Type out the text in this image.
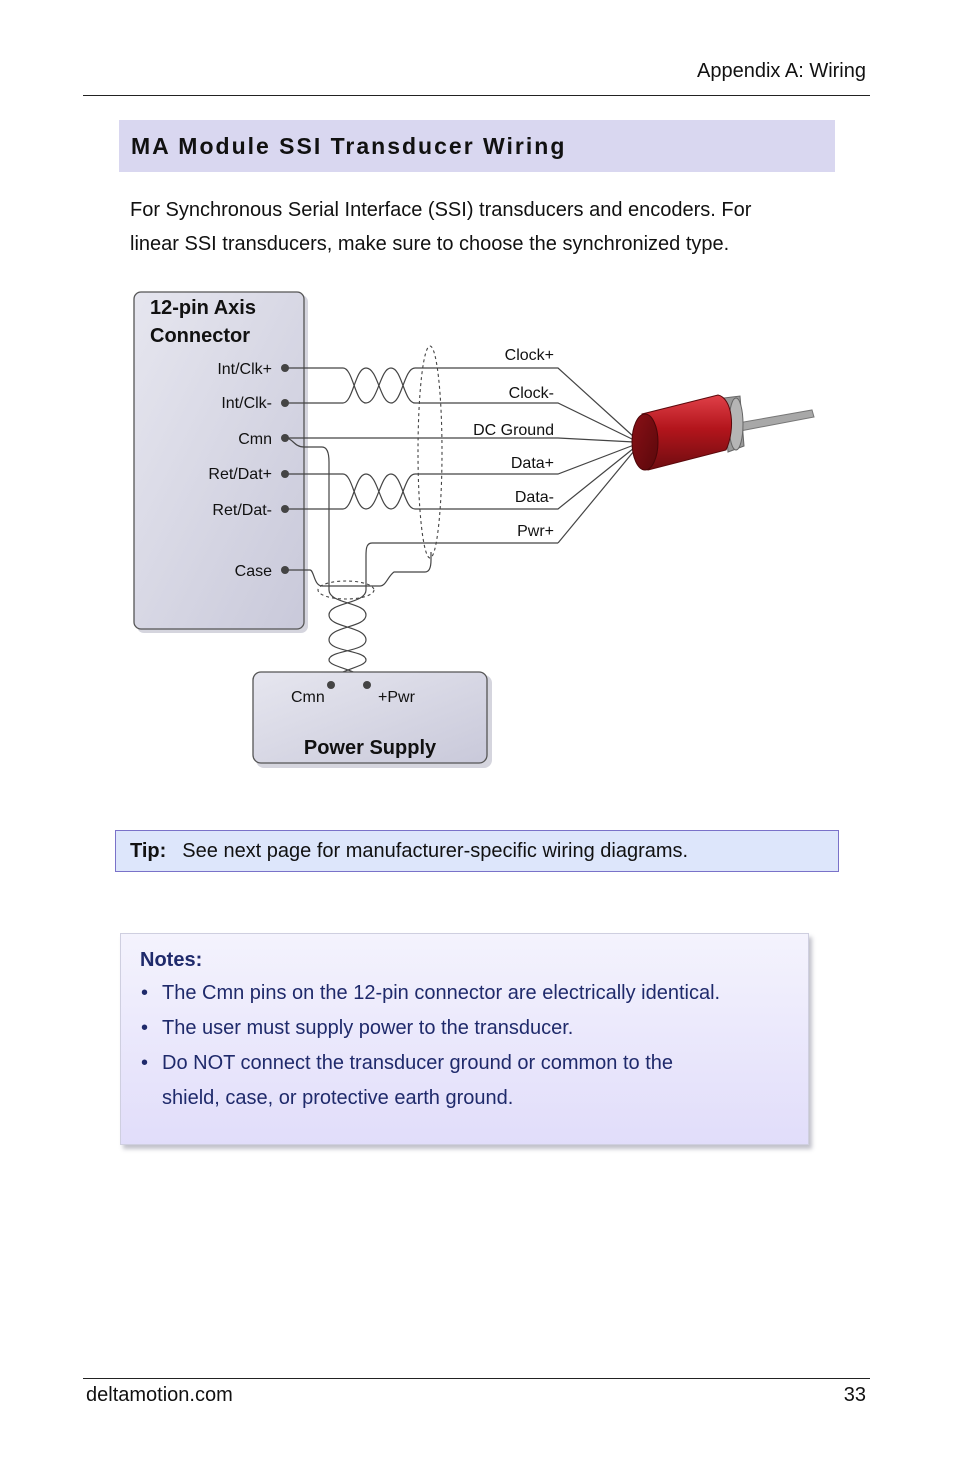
Appendix A: Wiring
MA Module SSI Transducer Wiring
For Synchronous Serial Interface (SSI) transducers and encoders. For
linear SSI transducers, make sure to choose the synchronized type.
12-pin Axis
Connector
Int/Clk+
Int/Clk-
Cmn
Ret/Dat+
Ret/Dat-
Case
Clock+
Clock-
DC Ground
Data+
Data-
Pwr+
Cmn	+Pwr
Power Supply
Tip: See next page for manufacturer-specific wiring diagrams.
Notes:
• The Cmn pins on the 12-pin connector are electrically identical.
• The user must supply power to the transducer.
• Do NOT connect the transducer ground or common to the
shield, case, or protective earth ground.
deltamotion.com	33
